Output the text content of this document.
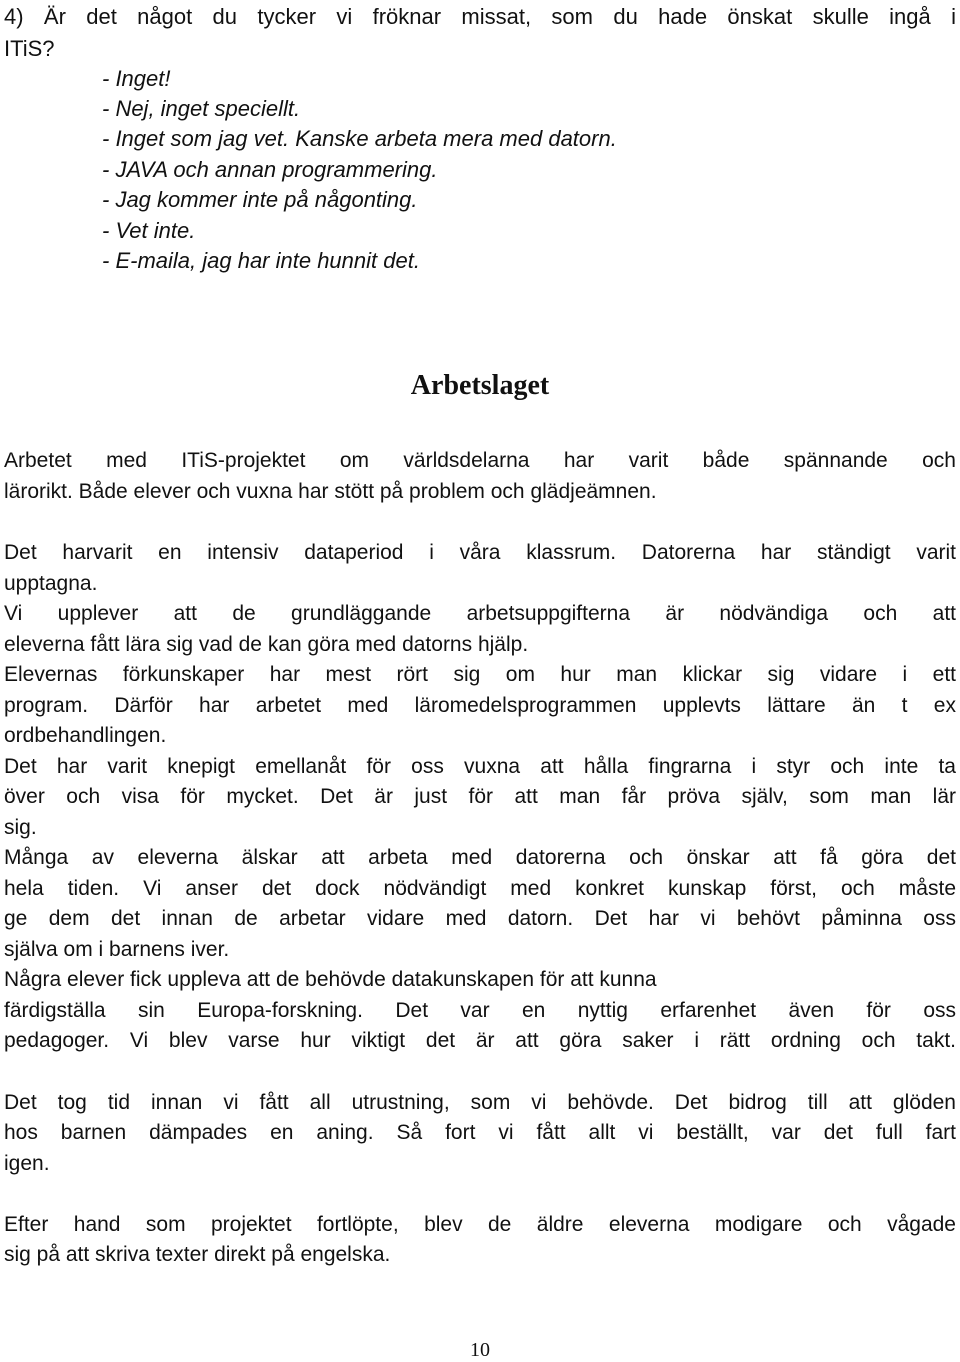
4) Är det något du tycker vi fröknar missat, som du hade önskat skulle ingå i
ITiS?
- Inget!
- Nej, inget speciellt.
- Inget som jag vet. Kanske arbeta mera med datorn.
- JAVA och annan programmering.
- Jag kommer inte på någonting.
- Vet inte.
- E-maila, jag har inte hunnit det.
Arbetslaget
Arbetet med ITiS-projektet om världsdelarna har varit både spännande och
lärorikt. Både elever och vuxna har stött på problem och glädjeämnen.
Det harvarit en intensiv dataperiod i våra klassrum. Datorerna har ständigt varit
upptagna.
Vi upplever att de grundläggande arbetsuppgifterna är nödvändiga och att
eleverna fått lära sig vad de kan göra med datorns hjälp.
Elevernas förkunskaper har mest rört sig om hur man klickar sig vidare i ett
program. Därför har arbetet med läromedelsprogrammen upplevts lättare än t ex
ordbehandlingen.
Det har varit knepigt emellanåt för oss vuxna att hålla fingrarna i styr och inte ta
över och visa för mycket. Det är just för att man får pröva själv, som man lär
sig.
Många av eleverna älskar att arbeta med datorerna och önskar att få göra det
hela tiden. Vi anser det dock nödvändigt med konkret kunskap först, och måste
ge dem det innan de arbetar vidare med datorn. Det har vi behövt påminna oss
själva om i barnens iver.
Några elever fick uppleva att de behövde datakunskapen för att kunna
färdigställa sin Europa-forskning. Det var en nyttig erfarenhet även för oss
pedagoger. Vi blev varse hur viktigt det är att göra saker i rätt ordning och takt.
Det tog tid innan vi fått all utrustning, som vi behövde. Det bidrog till att glöden
hos barnen dämpades en aning. Så fort vi fått allt vi beställt, var det full fart
igen.
Efter hand som projektet fortlöpte, blev de äldre eleverna modigare och vågade
sig på att skriva texter direkt på engelska.
10
